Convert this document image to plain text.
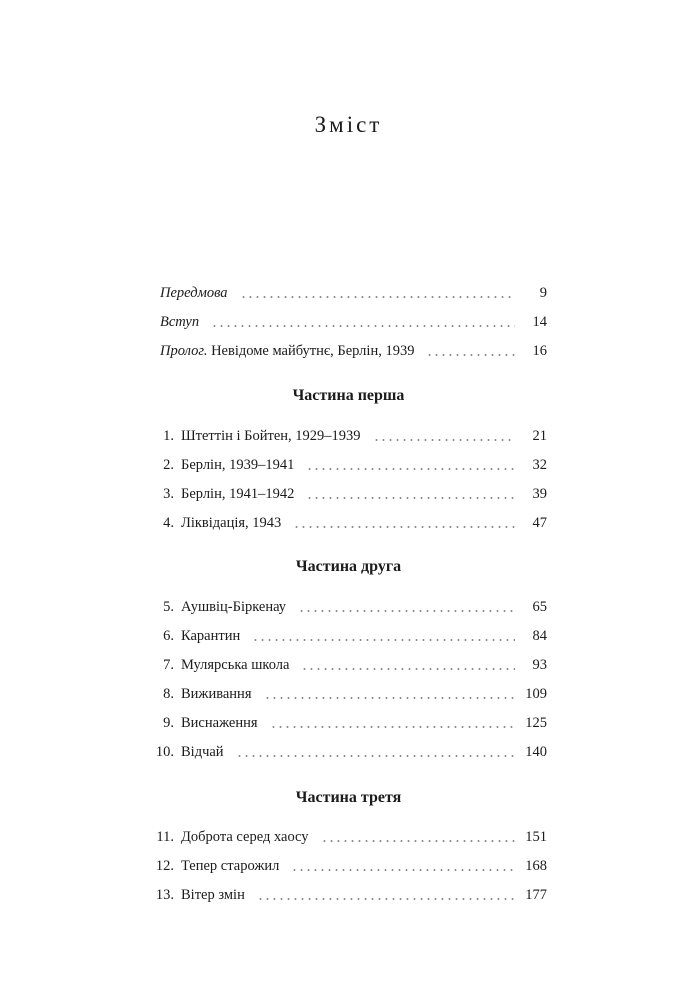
Зміст
Передмова	9
Вступ	14
Пролог. Невідоме майбутнє, Берлін, 1939	16
Частина перша
1. Штеттін і Бойтен, 1929–1939	21
2. Берлін, 1939–1941	32
3. Берлін, 1941–1942	39
4. Ліквідація, 1943	47
Частина друга
5. Аушвіц-Біркенау	65
6. Карантин	84
7. Мулярська школа	93
8. Виживання	109
9. Виснаження	125
10. Відчай	140
Частина третя
11. Доброта серед хаосу	151
12. Тепер старожил	168
13. Вітер змін	177
